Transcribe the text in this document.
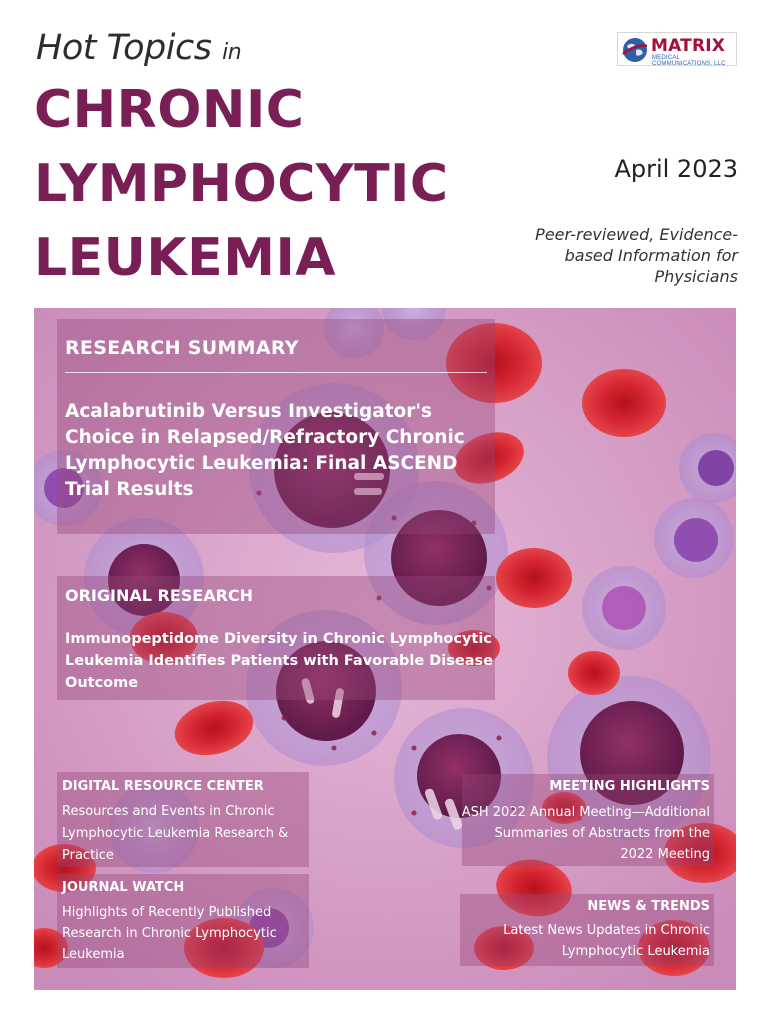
Hot Topics in
CHRONIC
LYMPHOCYTIC
LEUKEMIA
MATRIX
MEDICAL COMMUNICATIONS, LLC
April 2023
Peer-reviewed, Evidence-based Information for Physicians
RESEARCH SUMMARY
Acalabrutinib Versus Investigator's Choice in Relapsed/Refractory Chronic Lymphocytic Leukemia: Final ASCEND Trial Results
ORIGINAL RESEARCH
Immunopeptidome Diversity in Chronic Lymphocytic Leukemia Identifies Patients with Favorable Disease Outcome
DIGITAL RESOURCE CENTER
Resources and Events in Chronic Lymphocytic Leukemia Research & Practice
JOURNAL WATCH
Highlights of Recently Published Research in Chronic Lymphocytic Leukemia
MEETING HIGHLIGHTS
ASH 2022 Annual Meeting—Additional Summaries of Abstracts from the 2022 Meeting
NEWS & TRENDS
Latest News Updates in Chronic Lymphocytic Leukemia
